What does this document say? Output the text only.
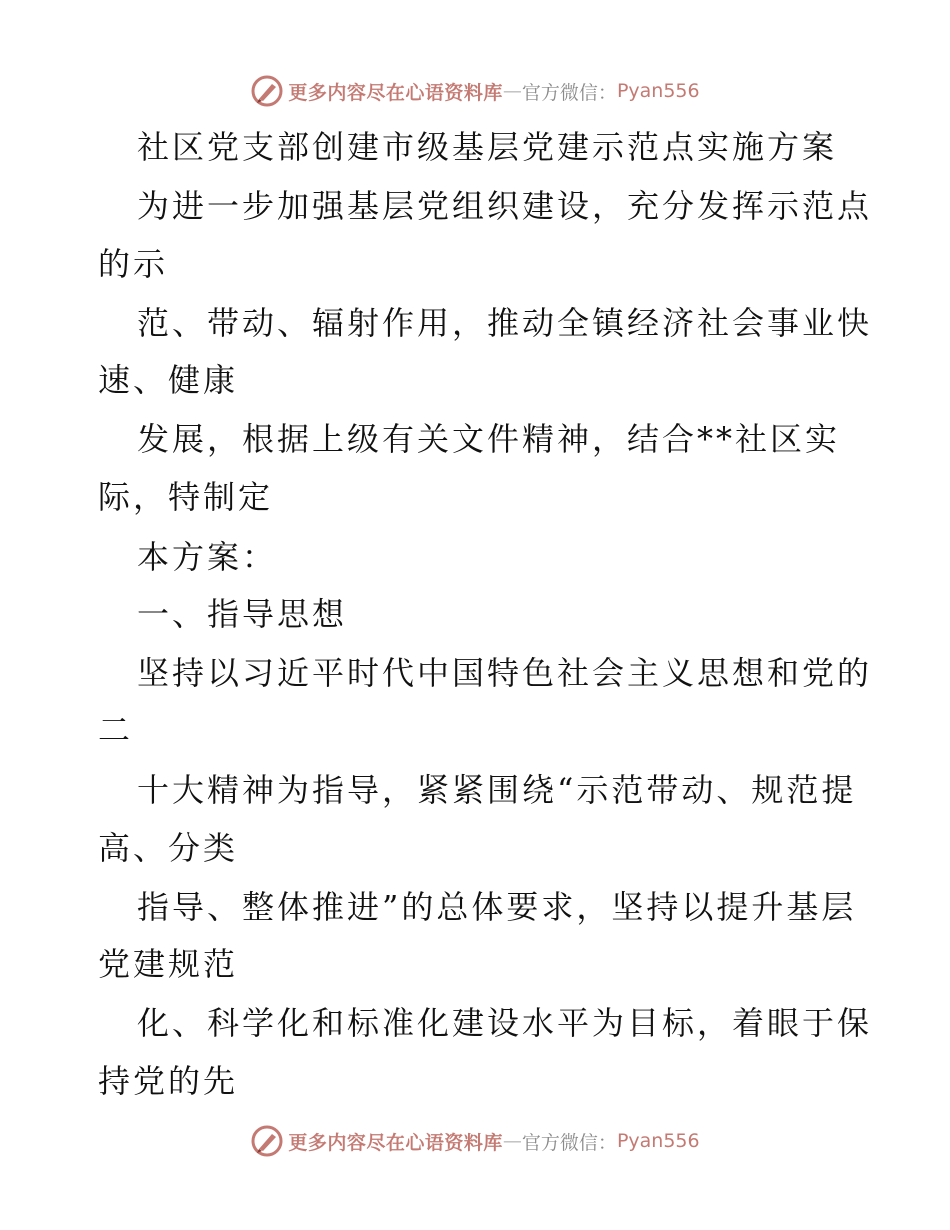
更多内容尽在心语资料库 — 官方微信： Pyan556
社区党支部创建市级基层党建示范点实施方案
为进一步加强基层党组织建设，充分发挥示范点
的示
范、带动、辐射作用，推动全镇经济社会事业快
速、健康
发展，根据上级有关文件精神，结合**社区实
际，特制定
本方案：
一、指导思想
坚持以习近平时代中国特色社会主义思想和党的
二
十大精神为指导，紧紧围绕“示范带动、规范提
高、分类
指导、整体推进”的总体要求，坚持以提升基层
党建规范
化、科学化和标准化建设水平为目标，着眼于保
持党的先
更多内容尽在心语资料库 — 官方微信： Pyan556
